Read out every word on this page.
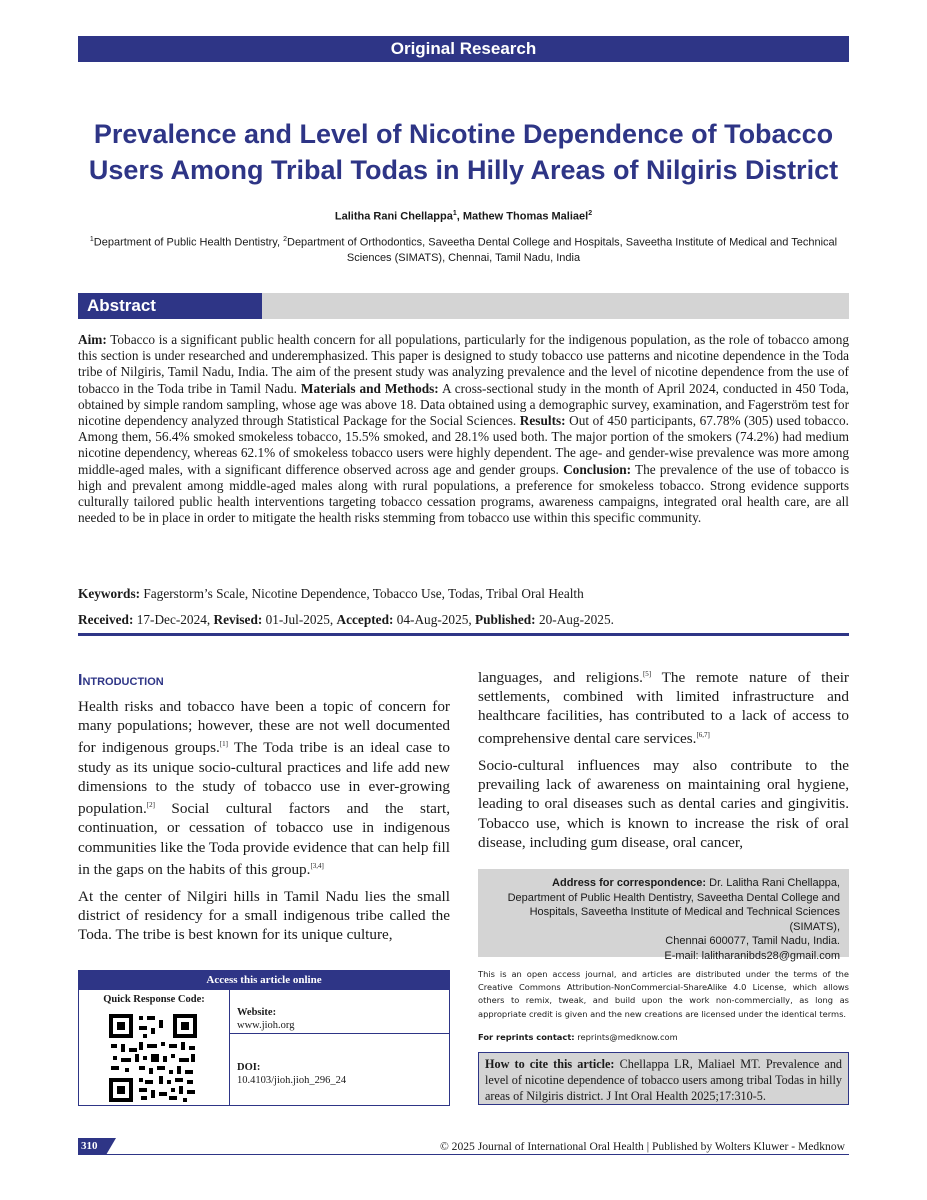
Original Research
Prevalence and Level of Nicotine Dependence of Tobacco Users Among Tribal Todas in Hilly Areas of Nilgiris District
Lalitha Rani Chellappa$^1$, Mathew Thomas Maliael$^2$
$^1$Department of Public Health Dentistry, $^2$Department of Orthodontics, Saveetha Dental College and Hospitals, Saveetha Institute of Medical and Technical Sciences (SIMATS), Chennai, Tamil Nadu, India
Abstract
Aim: Tobacco is a significant public health concern for all populations, particularly for the indigenous population, as the role of tobacco among this section is under researched and underemphasized. This paper is designed to study tobacco use patterns and nicotine dependence in the Toda tribe of Nilgiris, Tamil Nadu, India. The aim of the present study was analyzing prevalence and the level of nicotine dependence from the use of tobacco in the Toda tribe in Tamil Nadu. Materials and Methods: A cross-sectional study in the month of April 2024, conducted in 450 Toda, obtained by simple random sampling, whose age was above 18. Data obtained using a demographic survey, examination, and Fagerström test for nicotine dependency analyzed through Statistical Package for the Social Sciences. Results: Out of 450 participants, 67.78% (305) used tobacco. Among them, 56.4% smoked smokeless tobacco, 15.5% smoked, and 28.1% used both. The major portion of the smokers (74.2%) had medium nicotine dependency, whereas 62.1% of smokeless tobacco users were highly dependent. The age- and gender-wise prevalence was more among middle-aged males, with a significant difference observed across age and gender groups. Conclusion: The prevalence of the use of tobacco is high and prevalent among middle-aged males along with rural populations, a preference for smokeless tobacco. Strong evidence supports culturally tailored public health interventions targeting tobacco cessation programs, awareness campaigns, integrated oral health care, are all needed to be in place in order to mitigate the health risks stemming from tobacco use within this specific community.
Keywords: Fagerstorm’s Scale, Nicotine Dependence, Tobacco Use, Todas, Tribal Oral Health
Received: 17-Dec-2024, Revised: 01-Jul-2025, Accepted: 04-Aug-2025, Published: 20-Aug-2025.
Introduction

Health risks and tobacco have been a topic of concern for many populations; however, these are not well documented for indigenous groups.[1] The Toda tribe is an ideal case to study as its unique socio-cultural practices and life add new dimensions to the study of tobacco use in ever-growing population.[2] Social cultural factors and the start, continuation, or cessation of tobacco use in indigenous communities like the Toda provide evidence that can help fill in the gaps on the habits of this group.[3,4]

At the center of Nilgiri hills in Tamil Nadu lies the small district of residency for a small indigenous tribe called the Toda. The tribe is best known for its unique culture,

languages, and religions.[5] The remote nature of their settlements, combined with limited infrastructure and healthcare facilities, has contributed to a lack of access to comprehensive dental care services.[6,7]

Socio-cultural influences may also contribute to the prevailing lack of awareness on maintaining oral hygiene, leading to oral diseases such as dental caries and gingivitis. Tobacco use, which is known to increase the risk of oral disease, including gum disease, oral cancer,

Access this article online
Quick Response Code:
Website:
www.jioh.org
DOI:
10.4103/jioh.jioh_296_24
Address for correspondence: Dr. Lalitha Rani Chellappa,
Department of Public Health Dentistry, Saveetha Dental College and
Hospitals, Saveetha Institute of Medical and Technical Sciences (SIMATS),
Chennai 600077, Tamil Nadu, India.
E-mail: lalitharanibds28@gmail.com
This is an open access journal, and articles are distributed under the terms of the Creative Commons Attribution-NonCommercial-ShareAlike 4.0 License, which allows others to remix, tweak, and build upon the work non-commercially, as long as appropriate credit is given and the new creations are licensed under the identical terms.
For reprints contact: reprints@medknow.com
How to cite this article: Chellappa LR, Maliael MT. Prevalence and level of nicotine dependence of tobacco users among tribal Todas in hilly areas of Nilgiris district. J Int Oral Health 2025;17:310-5.
310	© 2025 Journal of International Oral Health | Published by Wolters Kluwer - Medknow
